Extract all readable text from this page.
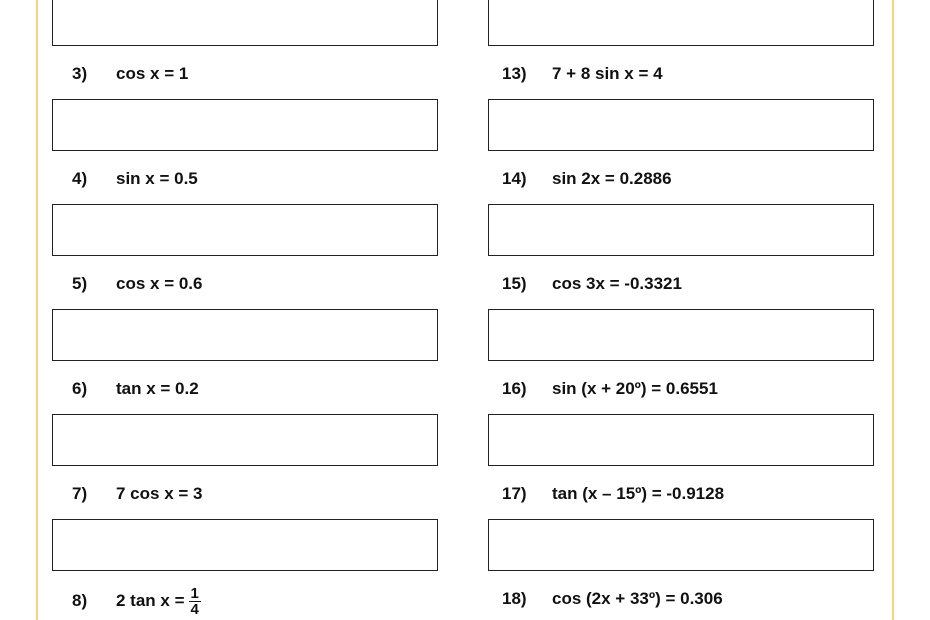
3)	cos x = 1
4)	sin x = 0.5
5)	cos x = 0.6
6)	tan x = 0.2
7)	7 cos x = 3
8)	2 $\tan x = \frac{1}{4}$
13)	7 + 8 sin x = 4
14)	sin 2x = 0.2886
15)	cos 3x = -0.3321
16)	sin (x + 20º) = 0.6551
17)	tan (x – 15º) = -0.9128
18)	cos (2x + 33º) = 0.306
